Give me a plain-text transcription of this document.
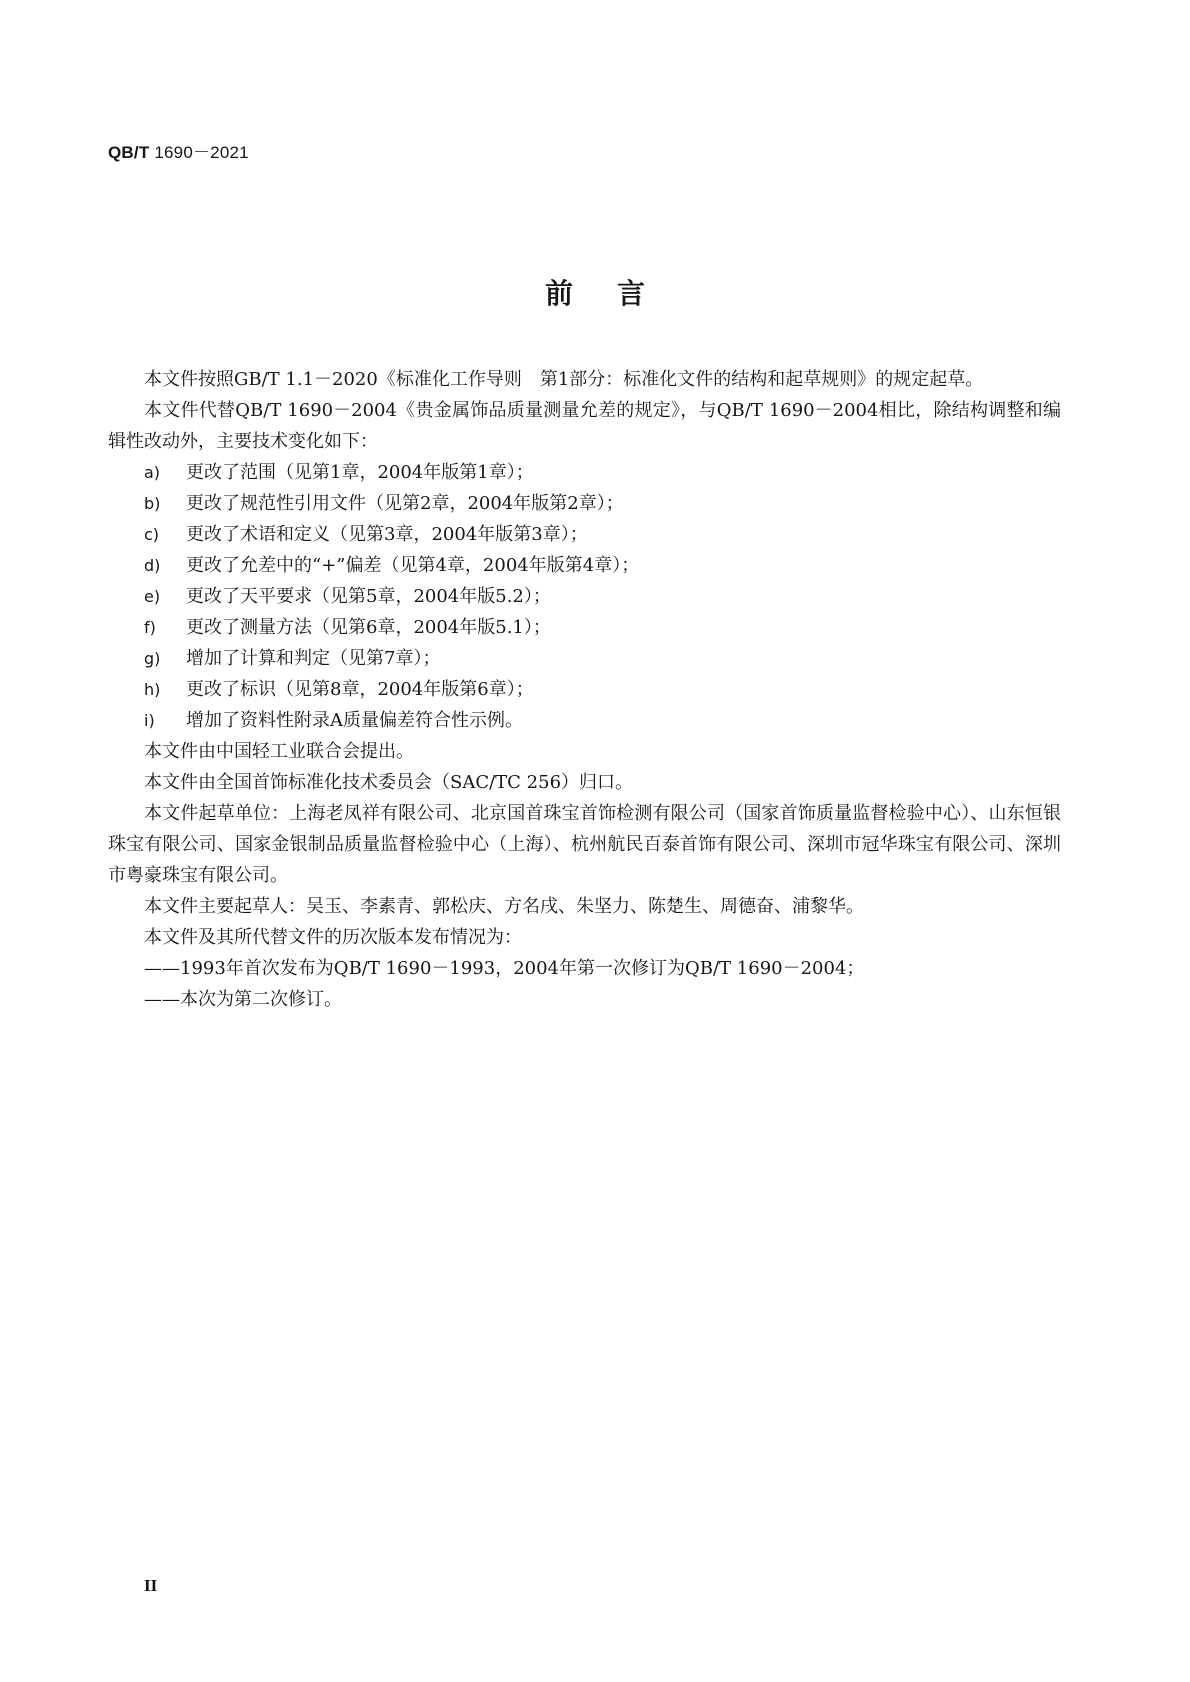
QB/T 1690－2021
前言

本文件按照GB/T 1.1－2020《标准化工作导则　第1部分：标准化文件的结构和起草规则》的规定起草。

本文件代替QB/T 1690－2004《贵金属饰品质量测量允差的规定》，与QB/T 1690－2004相比，除结构调整和编辑性改动外，主要技术变化如下：

a)	更改了范围（见第1章，2004年版第1章）；
b)	更改了规范性引用文件（见第2章，2004年版第2章）；
c)	更改了术语和定义（见第3章，2004年版第3章）；
d)	更改了允差中的“+”偏差（见第4章，2004年版第4章）；
e)	更改了天平要求（见第5章，2004年版5.2）；
f)	更改了测量方法（见第6章，2004年版5.1）；
g)	增加了计算和判定（见第7章）；
h)	更改了标识（见第8章，2004年版第6章）；
i)	增加了资料性附录A质量偏差符合性示例。

本文件由中国轻工业联合会提出。

本文件由全国首饰标准化技术委员会（SAC/TC 256）归口。

本文件起草单位：上海老凤祥有限公司、北京国首珠宝首饰检测有限公司（国家首饰质量监督检验中心）、山东恒银珠宝有限公司、国家金银制品质量监督检验中心（上海）、杭州航民百泰首饰有限公司、深圳市冠华珠宝有限公司、深圳市粤豪珠宝有限公司。

本文件主要起草人：吴玉、李素青、郭松庆、方名戌、朱坚力、陈楚生、周德奋、浦黎华。

本文件及其所代替文件的历次版本发布情况为：

——1993年首次发布为QB/T 1690－1993，2004年第一次修订为QB/T 1690－2004；

——本次为第二次修订。

II
